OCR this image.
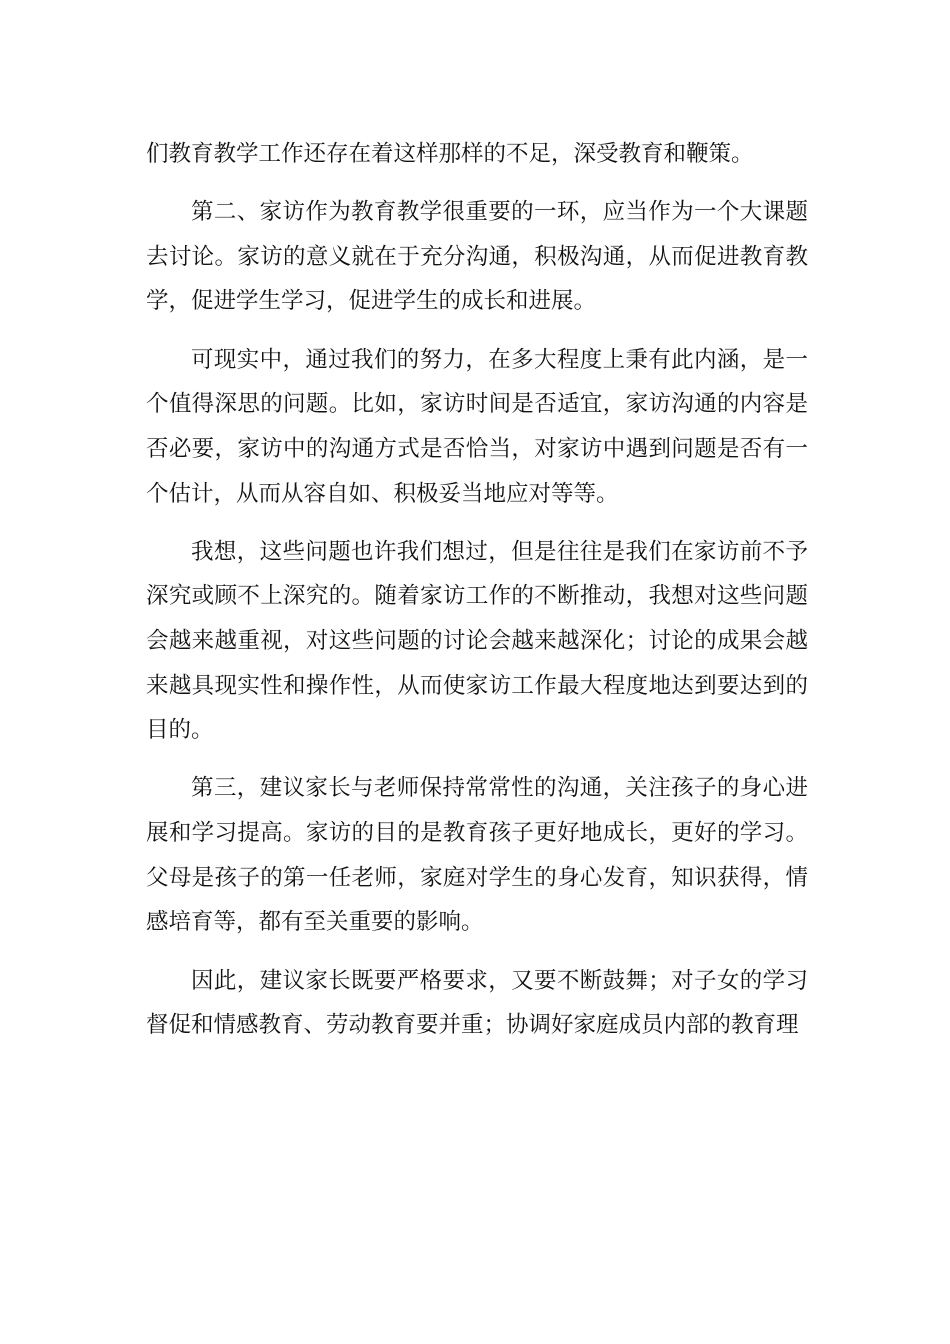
们教育教学工作还存在着这样那样的不足，深受教育和鞭策。

第二、家访作为教育教学很重要的一环，应当作为一个大课题去讨论。家访的意义就在于充分沟通，积极沟通，从而促进教育教学，促进学生学习，促进学生的成长和进展。

可现实中，通过我们的努力，在多大程度上秉有此内涵，是一个值得深思的问题。比如，家访时间是否适宜，家访沟通的内容是否必要，家访中的沟通方式是否恰当，对家访中遇到问题是否有一个估计，从而从容自如、积极妥当地应对等等。

我想，这些问题也许我们想过，但是往往是我们在家访前不予深究或顾不上深究的。随着家访工作的不断推动，我想对这些问题会越来越重视，对这些问题的讨论会越来越深化；讨论的成果会越来越具现实性和操作性，从而使家访工作最大程度地达到要达到的目的。

第三，建议家长与老师保持常常性的沟通，关注孩子的身心进展和学习提高。家访的目的是教育孩子更好地成长，更好的学习。父母是孩子的第一任老师，家庭对学生的身心发育，知识获得，情感培育等，都有至关重要的影响。

因此，建议家长既要严格要求，又要不断鼓舞；对子女的学习督促和情感教育、劳动教育要并重；协调好家庭成员内部的教育理
